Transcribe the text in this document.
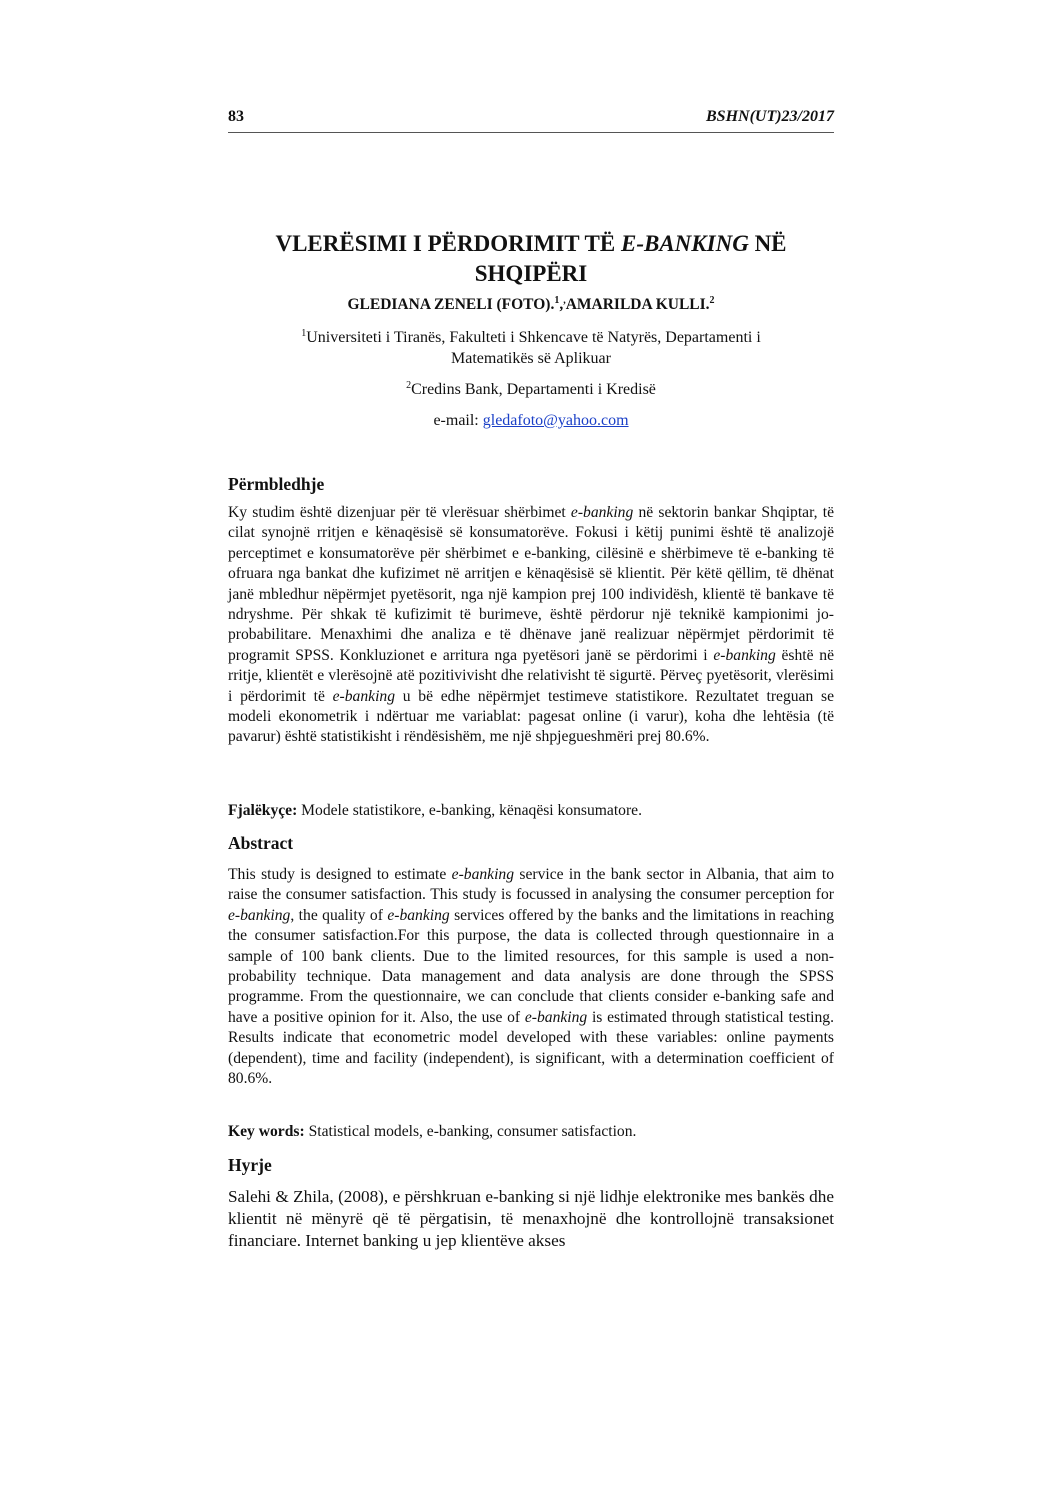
83	BSHN(UT)23/2017
VLERËSIMI I PËRDORIMIT TË E-BANKING NË
SHQIPËRI
GLEDIANA ZENELI (FOTO).$^1$,,AMARILDA KULLI.$^2$
$^1$Universiteti i Tiranës, Fakulteti i Shkencave të Natyrës, Departamenti i
Matematikës së Aplikuar
$^2$Credins Bank, Departamenti i Kredisë
e-mail: gledafoto@yahoo.com
Përmbledhje

Ky studim është dizenjuar për të vlerësuar shërbimet e-banking në sektorin bankar Shqiptar, të cilat synojnë rritjen e kënaqësisë së konsumatorëve. Fokusi i këtij punimi është të analizojë perceptimet e konsumatorëve për shërbimet e e-banking, cilësinë e shërbimeve të e-banking të ofruara nga bankat dhe kufizimet në arritjen e kënaqësisë së klientit. Për këtë qëllim, të dhënat janë mbledhur nëpërmjet pyetësorit, nga një kampion prej 100 individësh, klientë të bankave të ndryshme. Për shkak të kufizimit të burimeve, është përdorur një teknikë kampionimi jo-probabilitare. Menaxhimi dhe analiza e të dhënave janë realizuar nëpërmjet përdorimit të programit SPSS. Konkluzionet e arritura nga pyetësori janë se përdorimi i e-banking është në rritje, klientët e vlerësojnë atë pozitivivisht dhe relativisht të sigurtë. Përveç pyetësorit, vlerësimi i përdorimit të e-banking u bë edhe nëpërmjet testimeve statistikore. Rezultatet treguan se modeli ekonometrik i ndërtuar me variablat: pagesat online (i varur), koha dhe lehtësia (të pavarur) është statistikisht i rëndësishëm, me një shpjegueshmëri prej 80.6%.

Fjalëkyçe: Modele statistikore, e-banking, kënaqësi konsumatore.
Abstract

This study is designed to estimate e-banking service in the bank sector in Albania, that aim to raise the consumer satisfaction. This study is focussed in analysing the consumer perception for e-banking, the quality of e-banking services offered by the banks and the limitations in reaching the consumer satisfaction.For this purpose, the data is collected through questionnaire in a sample of 100 bank clients. Due to the limited resources, for this sample is used a non-probability technique. Data management and data analysis are done through the SPSS programme. From the questionnaire, we can conclude that clients consider e-banking safe and have a positive opinion for it. Also, the use of e-banking is estimated through statistical testing. Results indicate that econometric model developed with these variables: online payments (dependent), time and facility (independent), is significant, with a determination coefficient of 80.6%.

Key words: Statistical models, e-banking, consumer satisfaction.
Hyrje

Salehi & Zhila, (2008), e përshkruan e-banking si një lidhje elektronike mes bankës dhe klientit në mënyrë që të përgatisin, të menaxhojnë dhe kontrollojnë transaksionet financiare. Internet banking u jep klientëve akses
